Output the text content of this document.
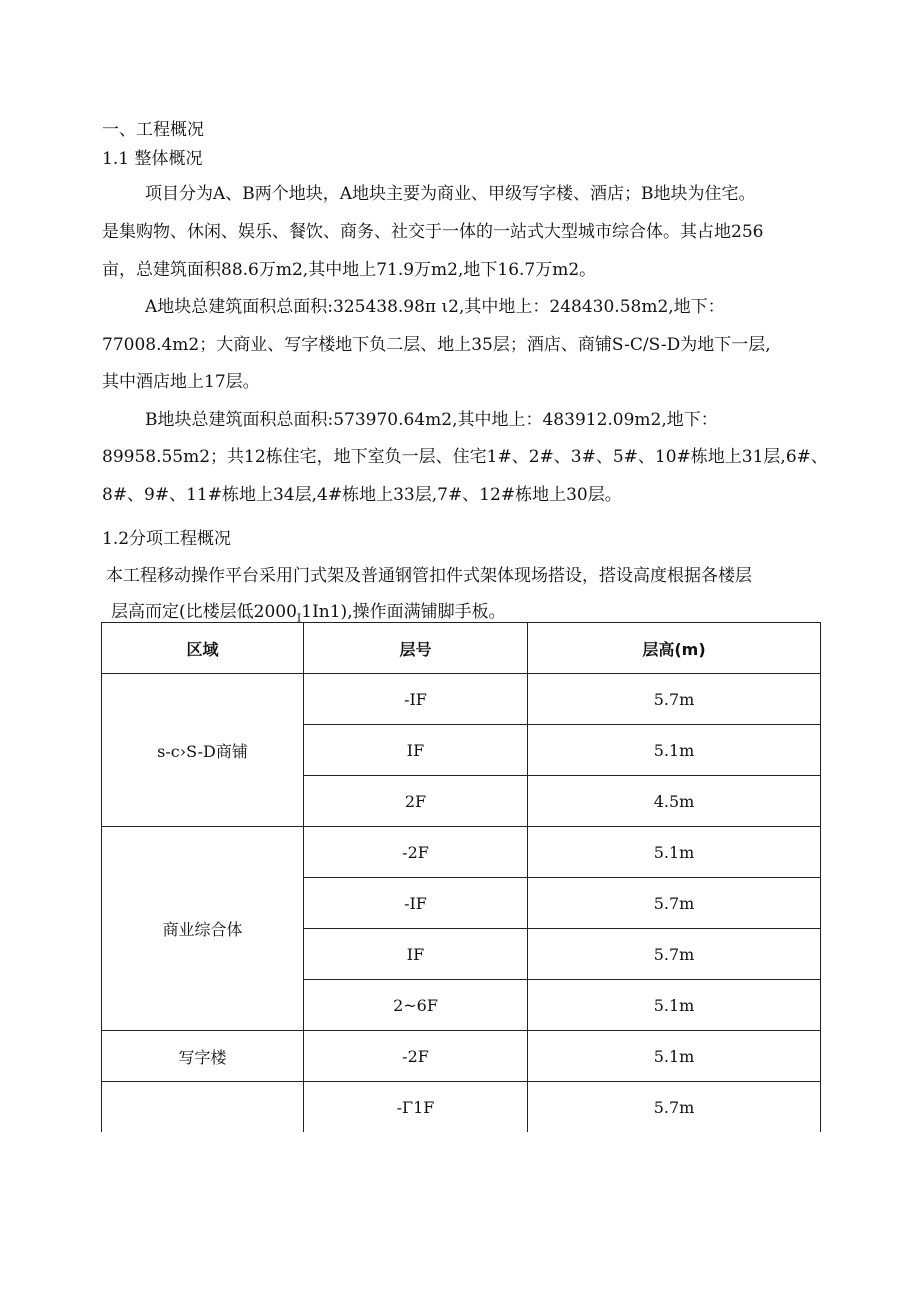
一、工程概况
1.1 整体概况
项目分为A、B两个地块，A地块主要为商业、甲级写字楼、酒店；B地块为住宅。
是集购物、休闲、娱乐、餐饮、商务、社交于一体的一站式大型城市综合体。其占地256
亩，总建筑面积88.6万m2,其中地上71.9万m2,地下16.7万m2。
A地块总建筑面积总面积:325438.98π ι2,其中地上：248430.58m2,地下：
77008.4m2；大商业、写字楼地下负二层、地上35层；酒店、商铺S-C/S-D为地下一层,
其中酒店地上17层。
B地块总建筑面积总面积:573970.64m2,其中地上：483912.09m2,地下：
89958.55m2；共12栋住宅，地下室负一层、住宅1#、2#、3#、5#、10#栋地上31层,6#、
8#、9#、11#栋地上34层,4#栋地上33层,7#、12#栋地上30层。
1.2分项工程概况
本工程移动操作平台采用门式架及普通钢管扣件式架体现场搭设，搭设高度根据各楼层
层高而定(比楼层低$2000_I1In1$),操作面满铺脚手板。
区域	层号	层高(m)
s-c›S-D商铺	-IF	5.7m
	IF	5.1m
	2F	4.5m
商业综合体	-2F	5.1m
	-IF	5.7m
	IF	5.7m
	2~6F	5.1m
写字楼	-2F	5.1m
	-Γ1F	5.7m
